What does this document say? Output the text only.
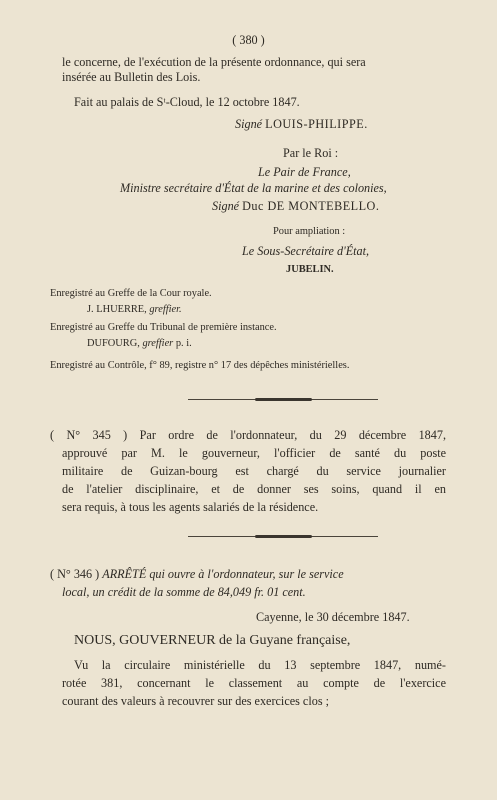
( 380 )
le concerne, de l'exécution de la présente ordonnance, qui sera
insérée au Bulletin des Lois.
Fait au palais de Sᵗ-Cloud, le 12 octobre 1847.
Signé LOUIS-PHILIPPE.
Par le Roi :
Le Pair de France,
Ministre secrétaire d'État de la marine et des colonies,
Signé Duc DE MONTEBELLO.
Pour ampliation :
Le Sous-Secrétaire d'État,
JUBELIN.
Enregistré au Greffe de la Cour royale.
J. LHUERRE, greffier.
Enregistré au Greffe du Tribunal de première instance.
DUFOURG, greffier p. i.
Enregistré au Contrôle, f° 89, registre n° 17 des dépêches ministérielles.
( N° 345 ) Par ordre de l'ordonnateur, du 29 décembre 1847,
approuvé par M. le gouverneur, l'officier de santé du poste
militaire de Guizan-bourg est chargé du service journalier
de l'atelier disciplinaire, et de donner ses soins, quand il en
sera requis, à tous les agents salariés de la résidence.
( N° 346 ) ARRÊTÉ qui ouvre à l'ordonnateur, sur le service
local, un crédit de la somme de 84,049 fr. 01 cent.
Cayenne, le 30 décembre 1847.
NOUS, GOUVERNEUR de la Guyane française,
Vu la circulaire ministérielle du 13 septembre 1847, numé-
rotée 381, concernant le classement au compte de l'exercice
courant des valeurs à recouvrer sur des exercices clos ;
